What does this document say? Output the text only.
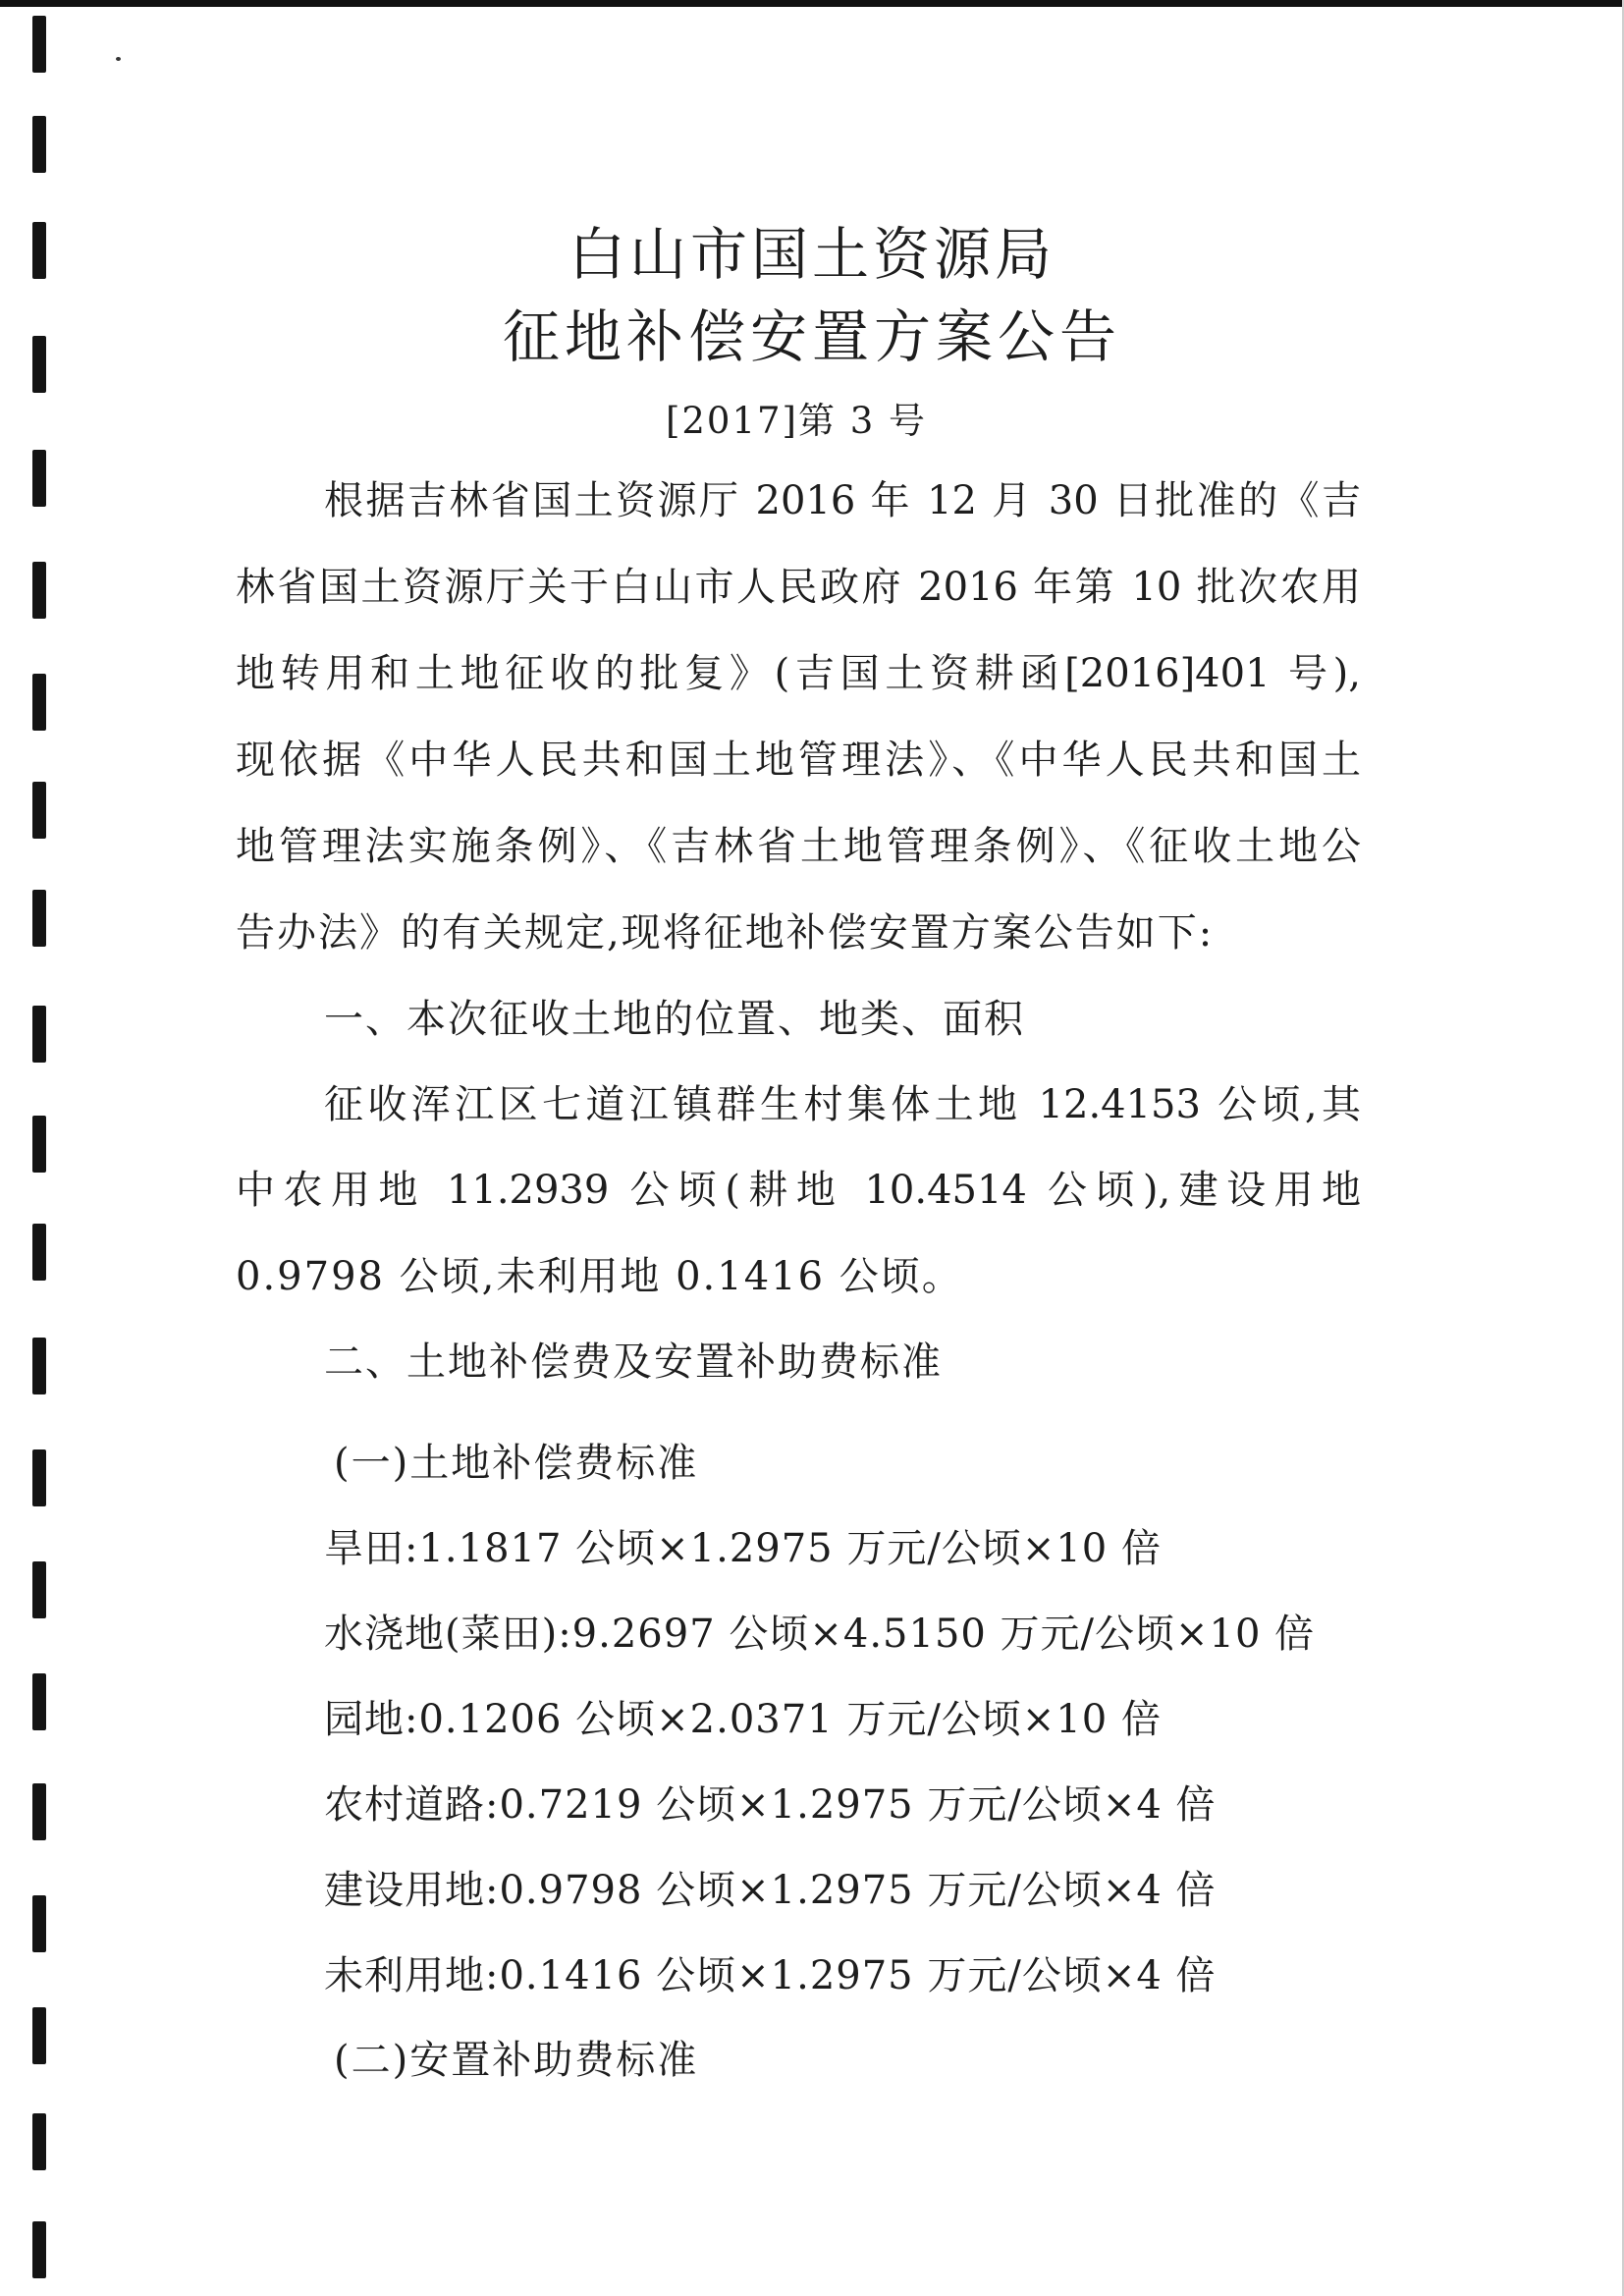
白山市国土资源局
征地补偿安置方案公告
[2017]第 3 号
根据吉林省国土资源厅 2016 年 12 月 30 日批准的《吉
林省国土资源厅关于白山市人民政府 2016 年第 10 批次农用
地转用和土地征收的批复》(吉国土资耕函[2016]401 号),
现依据《中华人民共和国土地管理法》、《中华人民共和国土
地管理法实施条例》、《吉林省土地管理条例》、《征收土地公
告办法》的有关规定,现将征地补偿安置方案公告如下:
一、本次征收土地的位置、地类、面积
征收浑江区七道江镇群生村集体土地 12.4153 公顷,其
中农用地 11.2939 公顷(耕地 10.4514 公顷),建设用地
0.9798 公顷,未利用地 0.1416 公顷。
二、土地补偿费及安置补助费标准
(一)土地补偿费标准
旱田:1.1817 公顷×1.2975 万元/公顷×10 倍
水浇地(菜田):9.2697 公顷×4.5150 万元/公顷×10 倍
园地:0.1206 公顷×2.0371 万元/公顷×10 倍
农村道路:0.7219 公顷×1.2975 万元/公顷×4 倍
建设用地:0.9798 公顷×1.2975 万元/公顷×4 倍
未利用地:0.1416 公顷×1.2975 万元/公顷×4 倍
(二)安置补助费标准
